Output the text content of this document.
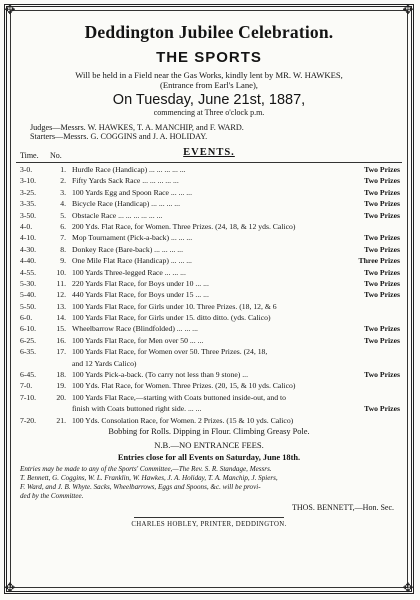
✥	✥
✥	✥
Deddington Jubilee Celebration.
THE SPORTS
Will be held in a Field near the Gas Works, kindly lent by MR. W. HAWKES,
(Entrance from Earl's Lane),
On Tuesday, June 21st, 1887,
commencing at Three o'clock p.m.
Judges—Messrs. W. HAWKES, T. A. MANCHIP, and F. WARD.
Starters—Messrs. G. COGGINS and J. A. HOLIDAY.
Time. No.	EVENTS.
3-0.	1. Hurdle Race (Handicap) ... ... ... ... ...	Two Prizes
3-10.	2. Fifty Yards Sack Race ... ... ... ... ...	Two Prizes
3-25.	3. 100 Yards Egg and Spoon Race ... ... ...	Two Prizes
3-35.	4. Bicycle Race (Handicap) ... ... ... ...	Two Prizes
3-50.	5. Obstacle Race ... ... ... ... ... ...	Two Prizes
4-0.	6. 200 Yds. Flat Race, for Women. Three Prizes. (24, 18, & 12 yds. Calico)
4-10.	7. Mop Tournament (Pick-a-back) ... ... ...	Two Prizes
4-30.	8. Donkey Race (Bare-back) ... ... ... ...	Two Prizes
4-40.	9. One Mile Flat Race (Handicap) ... ... ...	Three Prizes
4-55.	10. 100 Yards Three-legged Race ... ... ...	Two Prizes
5-30.	11. 220 Yards Flat Race, for Boys under 10 ... ...	Two Prizes
5-40.	12. 440 Yards Flat Race, for Boys under 15 ... ...	Two Prizes
5-50.	13. 100 Yards Flat Race, for Girls under 10. Three Prizes. (18, 12, & 6
6-0.	14. 100 Yards Flat Race, for Girls under 15. ditto ditto. (yds. Calico)
6-10.	15. Wheelbarrow Race (Blindfolded) ... ... ...	Two Prizes
6-25.	16. 100 Yards Flat Race, for Men over 50 ... ...	Two Prizes
6-35.	17. 100 Yards Flat Race, for Women over 50. Three Prizes. (24, 18,
and 12 Yards Calico)
6-45.	18. 100 Yards Pick-a-back. (To carry not less than 9 stone) ...	Two Prizes
7-0.	19. 100 Yds. Flat Race, for Women. Three Prizes. (20, 15, & 10 yds. Calico)
7-10.	20. 100 Yards Flat Race,—starting with Coats buttoned inside-out, and to
finish with Coats buttoned right side. ... ...	Two Prizes
7-20.	21. 100 Yds. Consolation Race, for Women. 2 Prizes. (15 & 10 yds. Calico)
Bobbing for Rolls. Dipping in Flour. Climbing Greasy Pole.
N.B.—NO ENTRANCE FEES.
Entries close for all Events on Saturday, June 18th.
Entries may be made to any of the Sports' Committee,—The Rev. S. R. Standage, Messrs.
T. Bennett, G. Coggins, W. L. Franklin, W. Hawkes, J. A. Holiday, T. A. Manchip, J. Spiers,
F. Ward, and J. B. Whyte. Sacks, Wheelbarrows, Eggs and Spoons, &c. will be provi-
ded by the Committee.
THOS. BENNETT,—Hon. Sec.
CHARLES HOBLEY, PRINTER, DEDDINGTON.
